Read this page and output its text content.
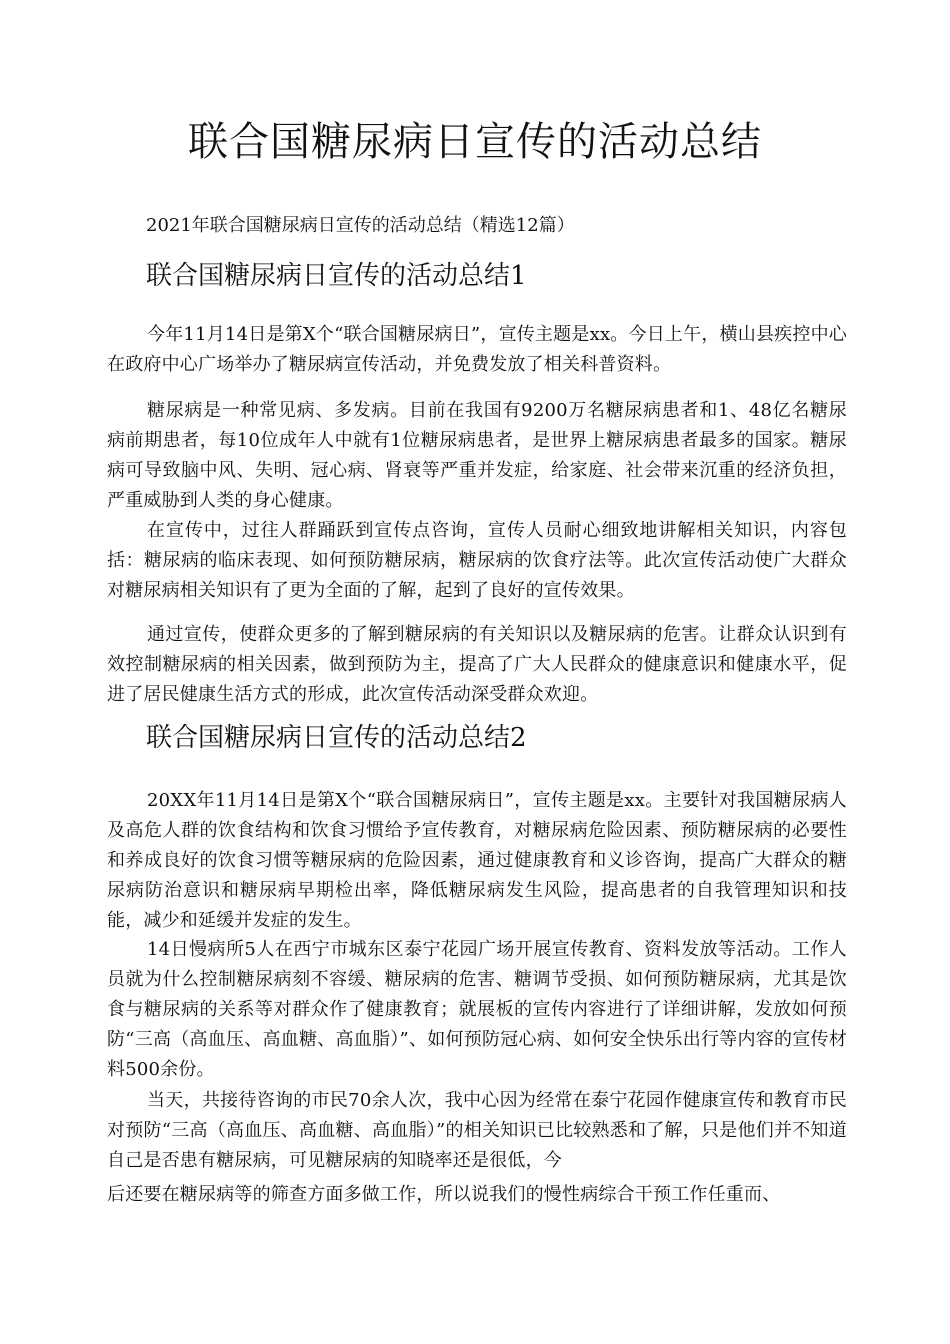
联合国糖尿病日宣传的活动总结

2021年联合国糖尿病日宣传的活动总结（精选12篇）

联合国糖尿病日宣传的活动总结1

今年11月14日是第X个“联合国糖尿病日”，宣传主题是xx。今日上午，横山县疾控中心在政府中心广场举办了糖尿病宣传活动，并免费发放了相关科普资料。

糖尿病是一种常见病、多发病。目前在我国有9200万名糖尿病患者和1、48亿名糖尿病前期患者，每10位成年人中就有1位糖尿病患者，是世界上糖尿病患者最多的国家。糖尿病可导致脑中风、失明、冠心病、肾衰等严重并发症，给家庭、社会带来沉重的经济负担，严重威胁到人类的身心健康。

在宣传中，过往人群踊跃到宣传点咨询，宣传人员耐心细致地讲解相关知识，内容包括：糖尿病的临床表现、如何预防糖尿病，糖尿病的饮食疗法等。此次宣传活动使广大群众对糖尿病相关知识有了更为全面的了解，起到了良好的宣传效果。

通过宣传，使群众更多的了解到糖尿病的有关知识以及糖尿病的危害。让群众认识到有效控制糖尿病的相关因素，做到预防为主，提高了广大人民群众的健康意识和健康水平，促进了居民健康生活方式的形成，此次宣传活动深受群众欢迎。

联合国糖尿病日宣传的活动总结2

20XX年11月14日是第X个“联合国糖尿病日”，宣传主题是xx。主要针对我国糖尿病人及高危人群的饮食结构和饮食习惯给予宣传教育，对糖尿病危险因素、预防糖尿病的必要性和养成良好的饮食习惯等糖尿病的危险因素，通过健康教育和义诊咨询，提高广大群众的糖尿病防治意识和糖尿病早期检出率，降低糖尿病发生风险，提高患者的自我管理知识和技能，减少和延缓并发症的发生。

14日慢病所5人在西宁市城东区泰宁花园广场开展宣传教育、资料发放等活动。工作人员就为什么控制糖尿病刻不容缓、糖尿病的危害、糖调节受损、如何预防糖尿病，尤其是饮食与糖尿病的关系等对群众作了健康教育；就展板的宣传内容进行了详细讲解，发放如何预防“三高（高血压、高血糖、高血脂）”、如何预防冠心病、如何安全快乐出行等内容的宣传材料500余份。

当天，共接待咨询的市民70余人次，我中心因为经常在泰宁花园作健康宣传和教育市民对预防“三高（高血压、高血糖、高血脂）”的相关知识已比较熟悉和了解，只是他们并不知道自己是否患有糖尿病，可见糖尿病的知晓率还是很低，今

后还要在糖尿病等的筛查方面多做工作，所以说我们的慢性病综合干预工作任重而、
